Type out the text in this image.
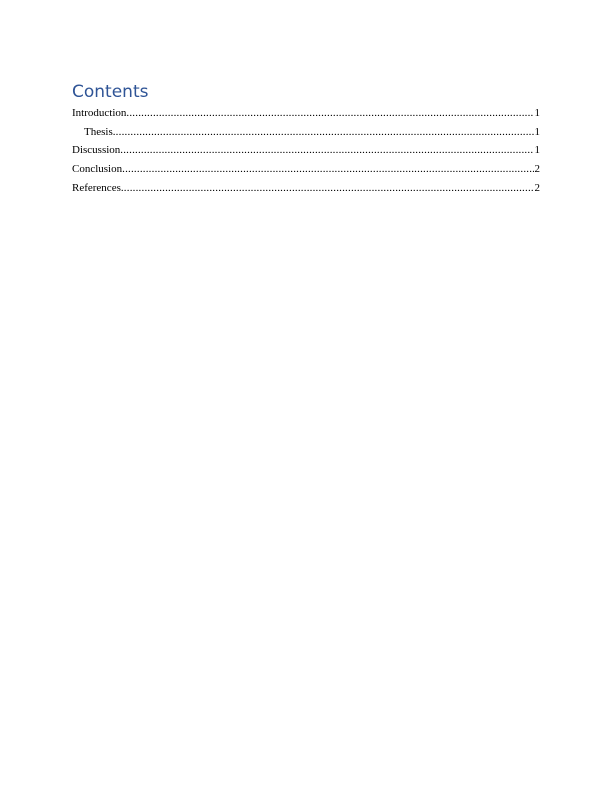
Contents
Introduction .....	1
Thesis .....	1
Discussion .....	1
Conclusion .....	2
References .....	2
